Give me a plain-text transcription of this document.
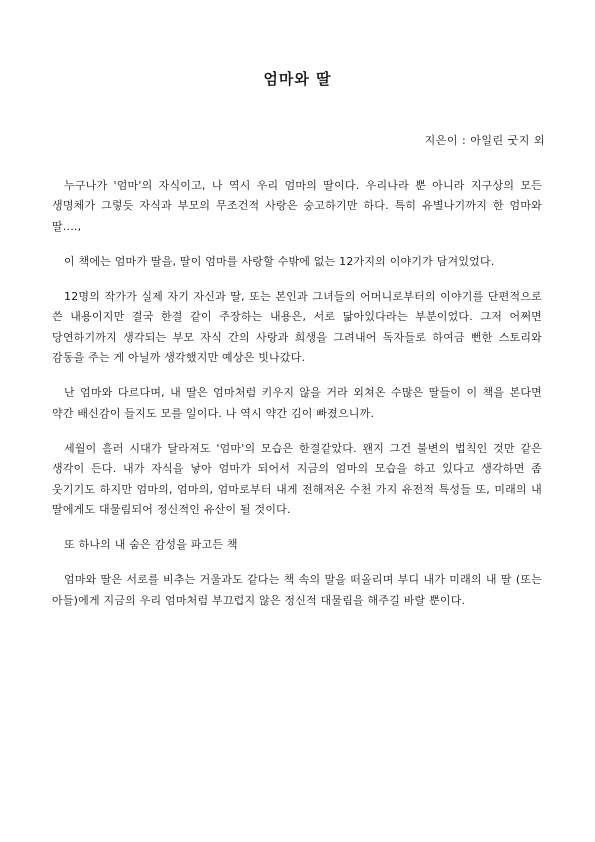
엄마와 딸
지은이 : 아일린 굿지 외

누구나가 '엄마'의 자식이고, 나 역시 우리 엄마의 딸이다. 우리나라 뿐 아니라 지구상의 모든 생명체가 그렇듯 자식과 부모의 무조건적 사랑은 숭고하기만 하다. 특히 유별나기까지 한 엄마와 딸....,

이 책에는 엄마가 딸을, 딸이 엄마를 사랑할 수밖에 없는 12가지의 이야기가 담겨있었다.

12명의 작가가 실제 자기 자신과 딸, 또는 본인과 그녀들의 어머니로부터의 이야기를 단편적으로 쓴 내용이지만 결국 한결 같이 주장하는 내용은, 서로 닮아있다라는 부분이었다. 그저 어쩌면 당연하기까지 생각되는 부모 자식 간의 사랑과 희생을 그려내어 독자들로 하여금 뻔한 스토리와 감동을 주는 게 아닐까 생각했지만 예상은 빗나갔다.

난 엄마와 다르다며, 내 딸은 엄마처럼 키우지 않을 거라 외쳐온 수많은 딸들이 이 책을 본다면 약간 배신감이 들지도 모를 일이다. 나 역시 약간 김이 빠졌으니까.

세월이 흘러 시대가 달라져도 '엄마'의 모습은 한결같았다. 왠지 그건 불변의 법칙인 것만 같은 생각이 든다. 내가 자식을 낳아 엄마가 되어서 지금의 엄마의 모습을 하고 있다고 생각하면 좀 웃기기도 하지만 엄마의, 엄마의, 엄마로부터 내게 전해져온 수천 가지 유전적 특성들 또, 미래의 내 딸에게도 대물림되어 정신적인 유산이 될 것이다.

또 하나의 내 숨은 감성을 파고든 책

엄마와 딸은 서로를 비추는 거울과도 같다는 책 속의 말을 떠올리며 부디 내가 미래의 내 딸 (또는 아들)에게 지금의 우리 엄마처럼 부끄럽지 않은 정신적 대물림을 해주길 바랄 뿐이다.
